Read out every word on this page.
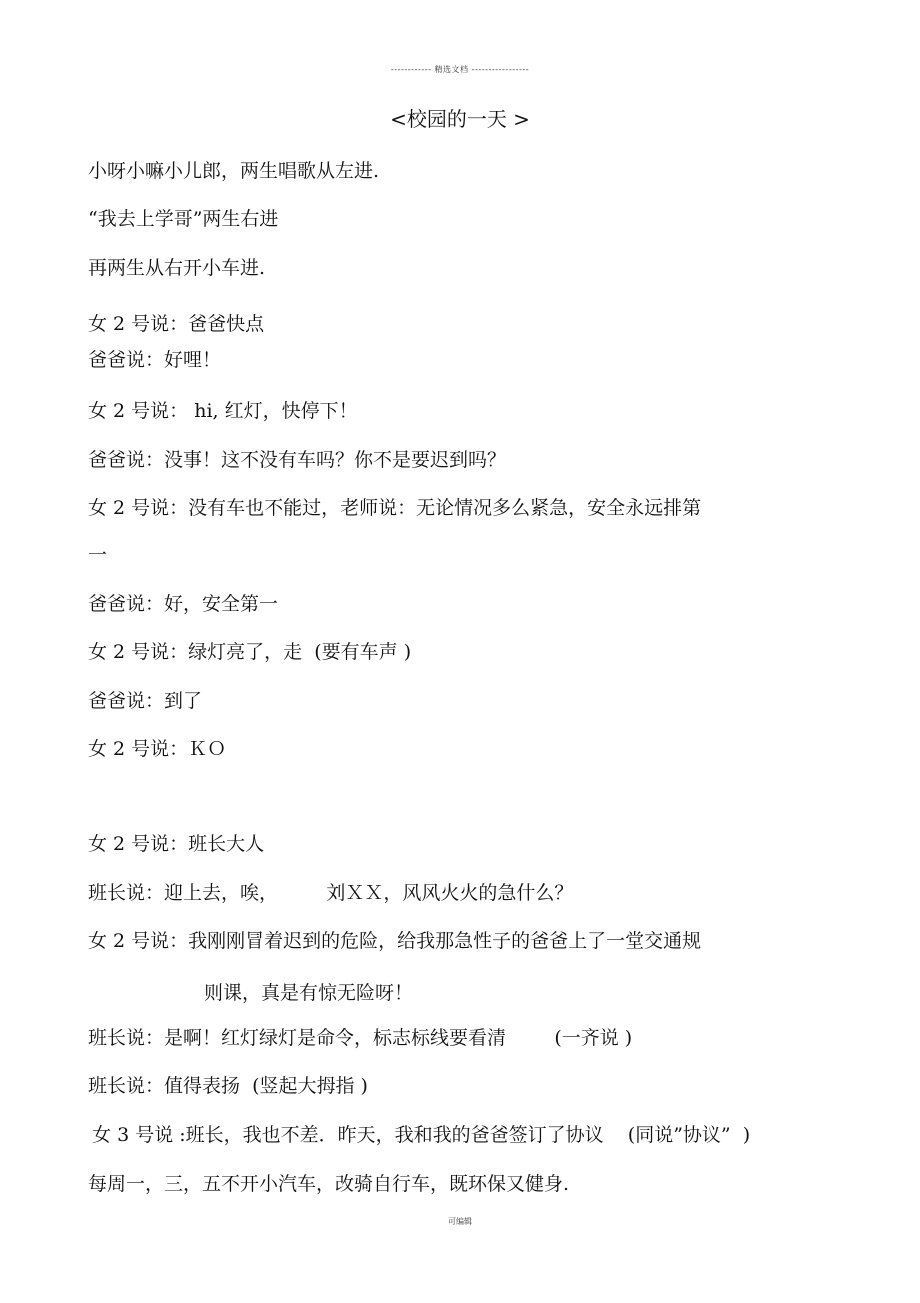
------------ 精选文档 -----------------
<校园的一天 >
小呀小嘛小儿郎，两生唱歌从左进.
“我去上学哥”两生右进
再两生从右开小车进.
女 2 号说：爸爸快点
爸爸说：好哩！
女 2 号说： hi, 红灯，快停下！
爸爸说：没事！这不没有车吗？你不是要迟到吗？
女 2 号说：没有车也不能过，老师说：无论情况多么紧急，安全永远排第
一
爸爸说：好，安全第一
女 2 号说：绿灯亮了，走  (要有车声 )
爸爸说：到了
女 2 号说：ＫＯ
女 2 号说：班长大人
班长说：迎上去，唉，        刘ＸＸ，风风火火的急什么？
女 2 号说：我刚刚冒着迟到的危险，给我那急性子的爸爸上了一堂交通规
则课，真是有惊无险呀！
班长说：是啊！红灯绿灯是命令，标志标线要看清        (一齐说 )
班长说：值得表扬  (竖起大拇指 )
女 3 号说 :班长，我也不差．昨天，我和我的爸爸签订了协议    (同说”协议”  )
每周一，三，五不开小汽车，改骑自行车，既环保又健身.
可编辑
